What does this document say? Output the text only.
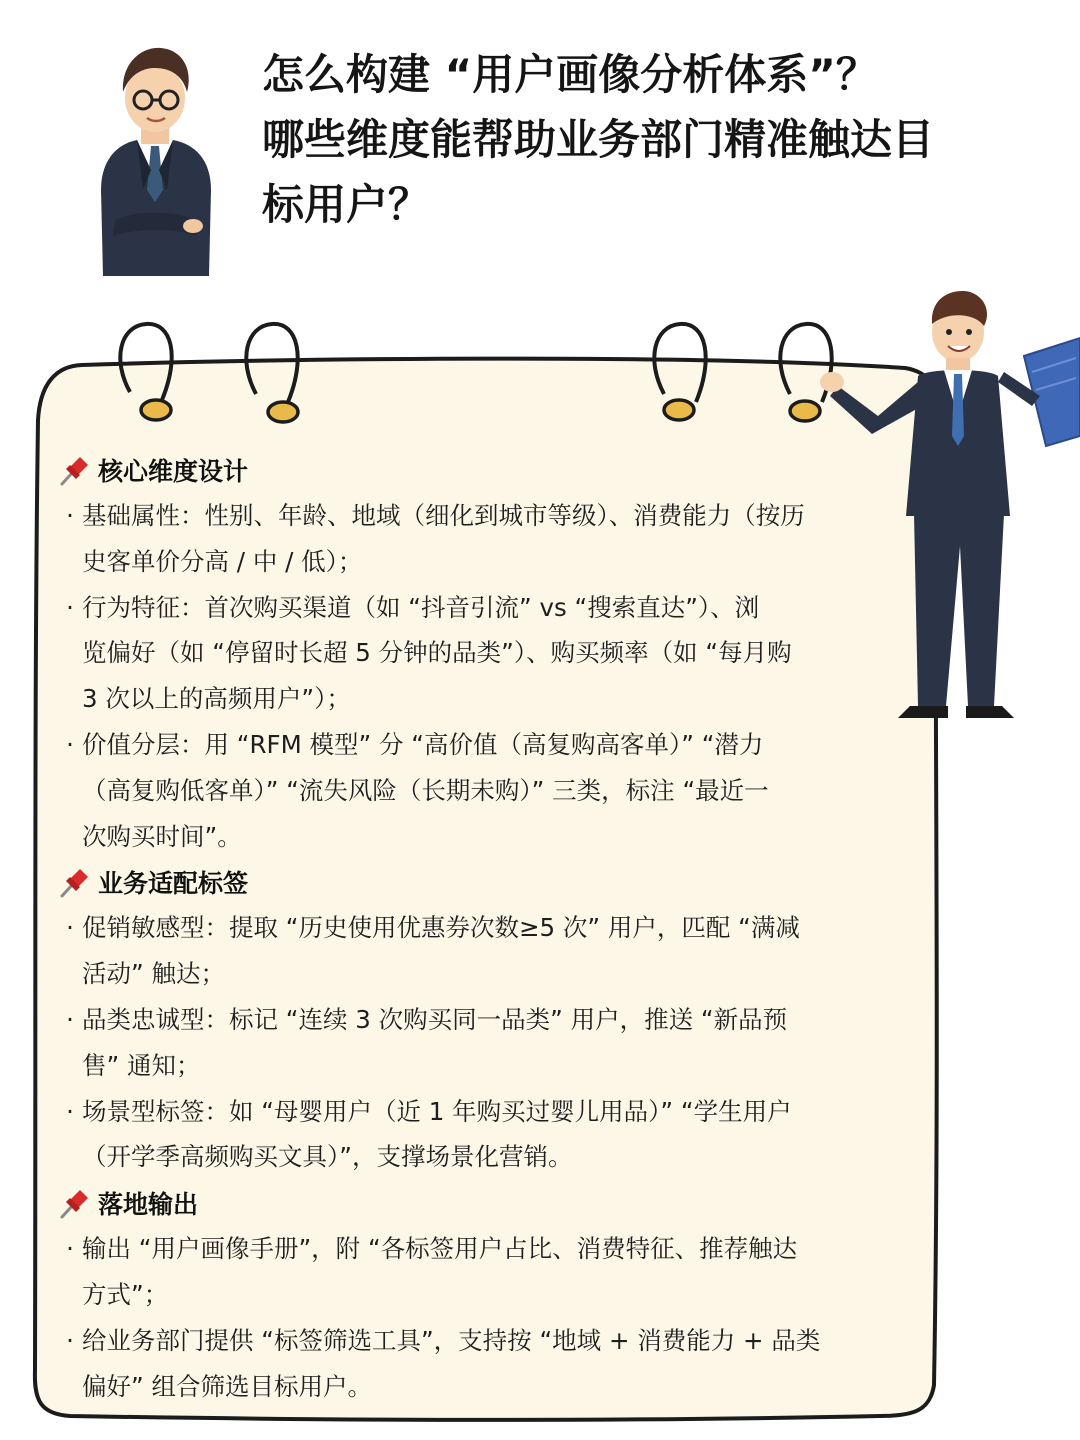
怎么构建 “用户画像分析体系”？
哪些维度能帮助业务部门精准触达目
标用户？
核心维度设计
· 基础属性：性别、年龄、地域（细化到城市等级）、消费能力（按历
史客单价分高 / 中 / 低）；
· 行为特征：首次购买渠道（如 “抖音引流” vs “搜索直达”）、浏
览偏好（如 “停留时长超 5 分钟的品类”）、购买频率（如 “每月购
3 次以上的高频用户”）；
· 价值分层：用 “RFM 模型” 分 “高价值（高复购高客单）” “潜力
（高复购低客单）” “流失风险（长期未购）” 三类，标注 “最近一
次购买时间”。
业务适配标签
· 促销敏感型：提取 “历史使用优惠券次数≥5 次” 用户，匹配 “满减
活动” 触达；
· 品类忠诚型：标记 “连续 3 次购买同一品类” 用户，推送 “新品预
售” 通知；
· 场景型标签：如 “母婴用户（近 1 年购买过婴儿用品）” “学生用户
（开学季高频购买文具）”，支撑场景化营销。
落地输出
· 输出 “用户画像手册”，附 “各标签用户占比、消费特征、推荐触达
方式”；
· 给业务部门提供 “标签筛选工具”，支持按 “地域 + 消费能力 + 品类
偏好” 组合筛选目标用户。
